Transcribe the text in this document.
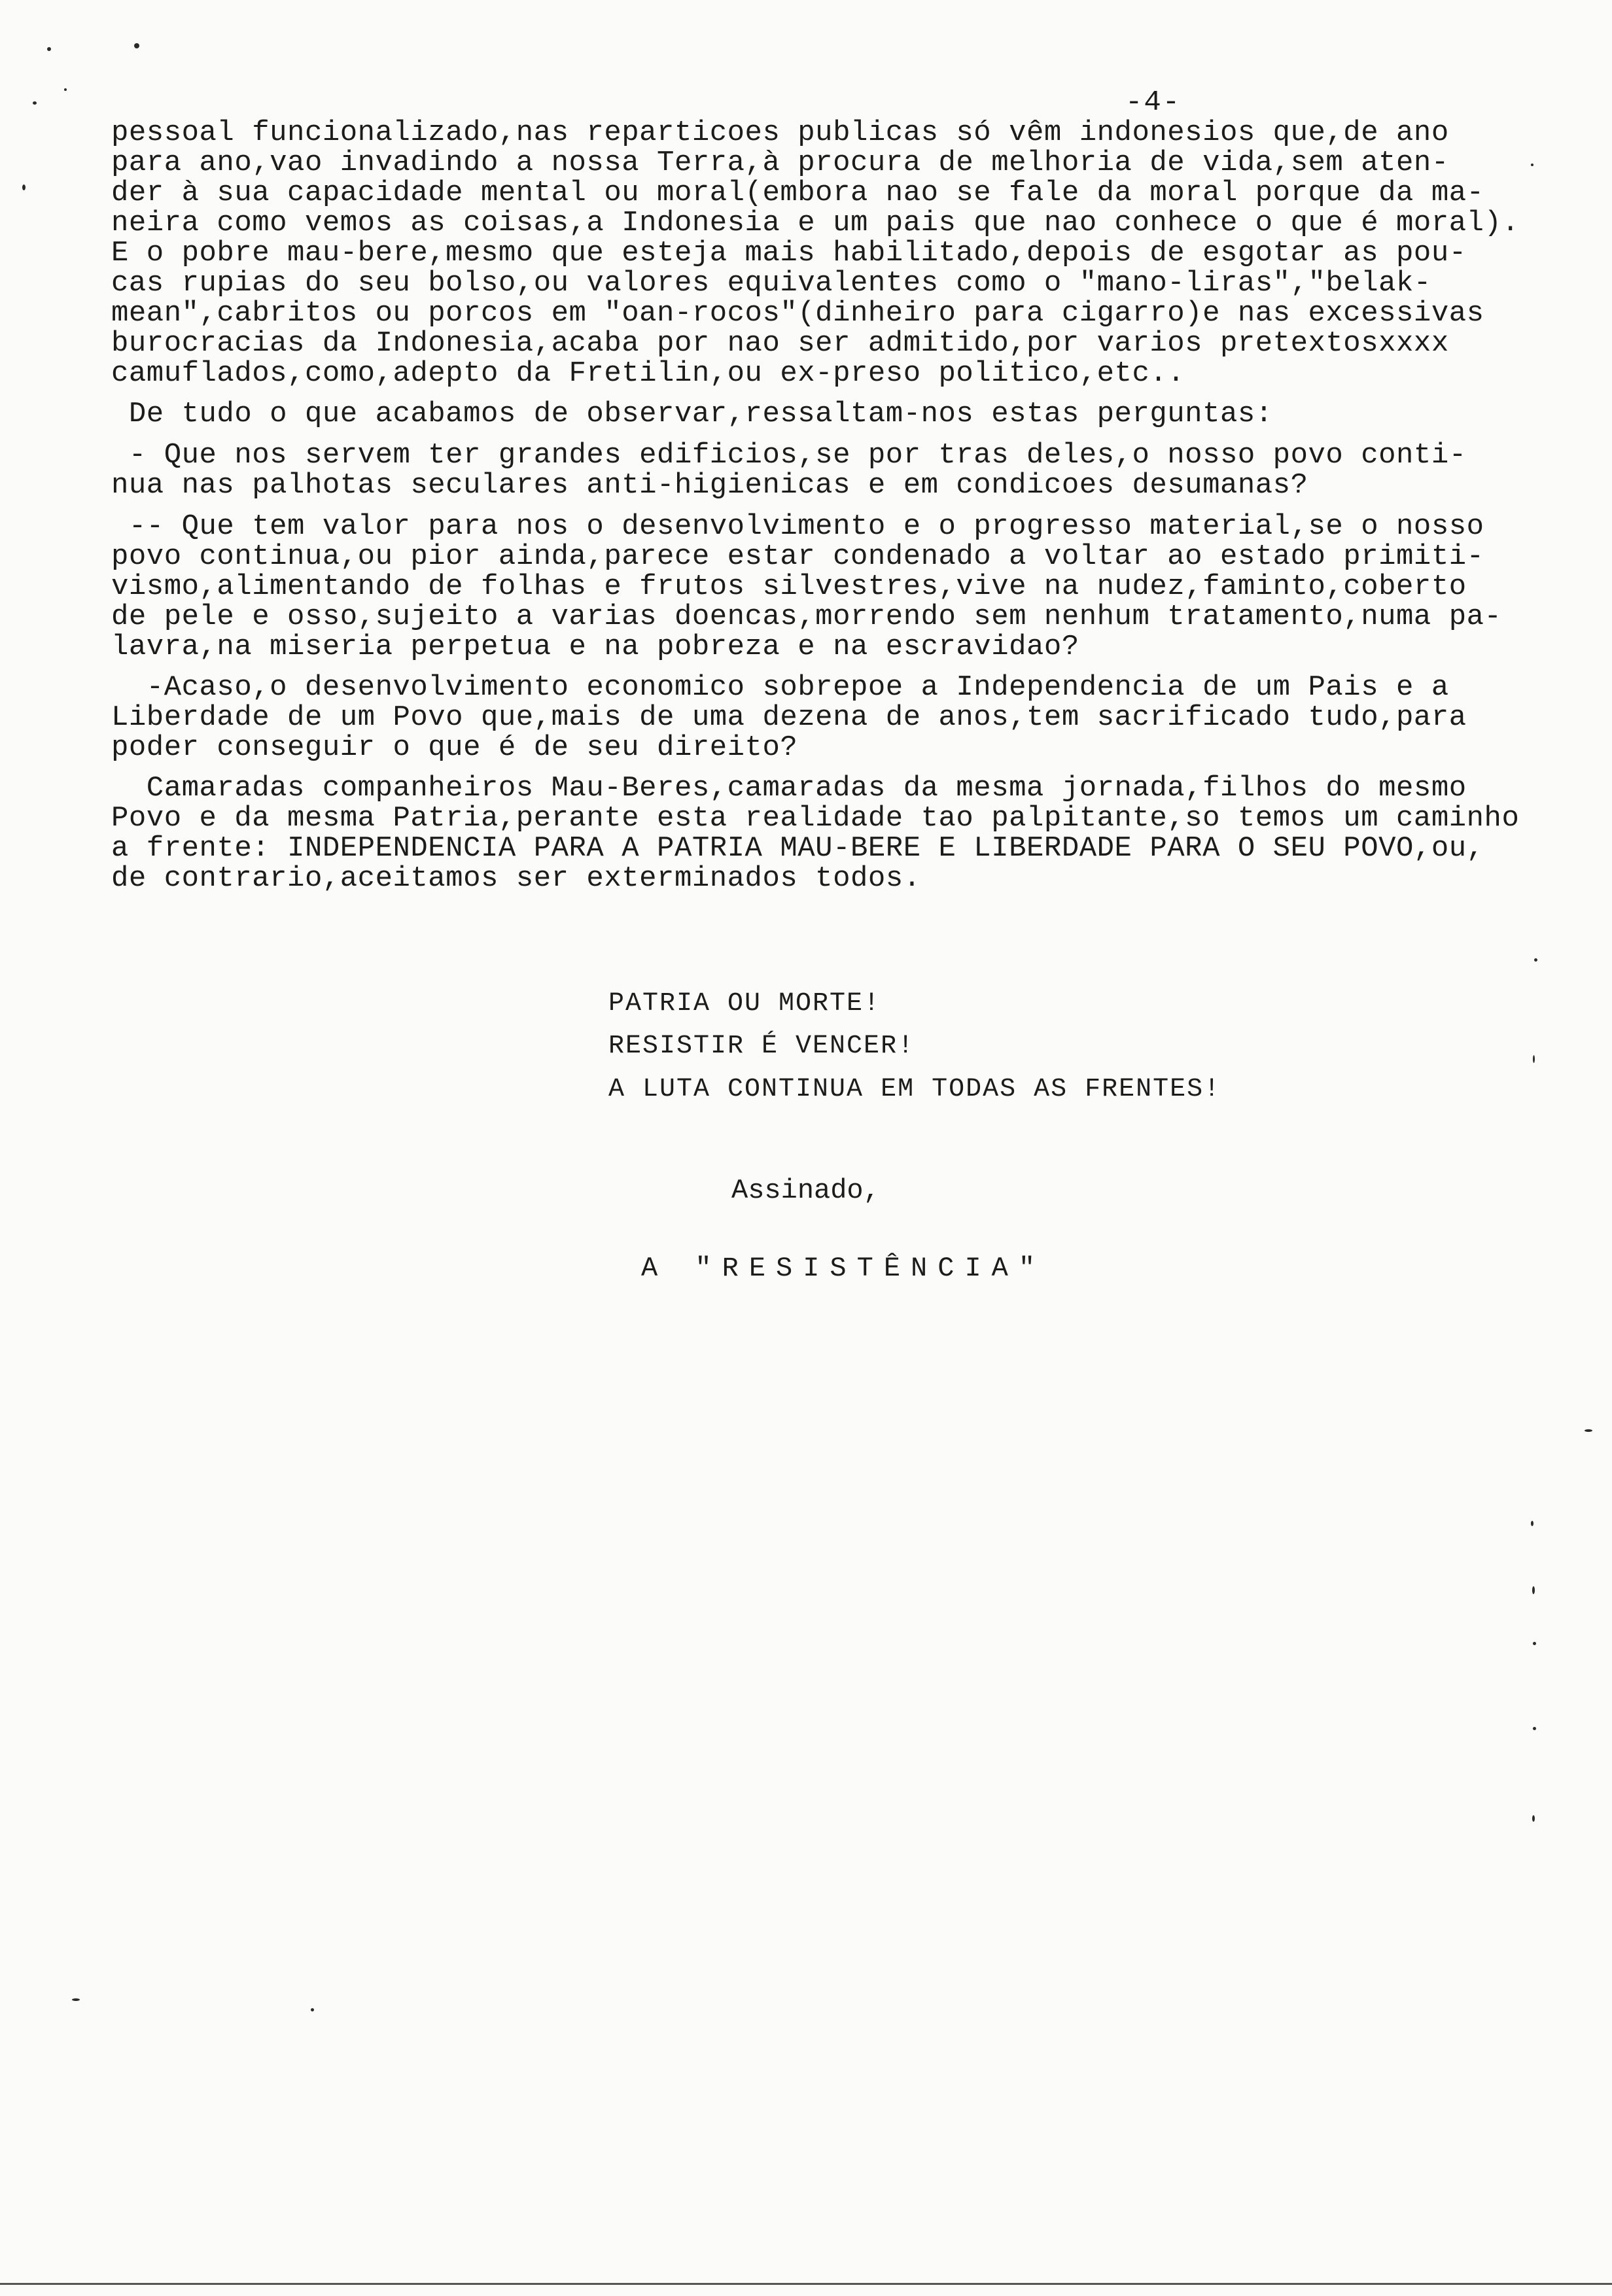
-4-
pessoal funcionalizado,nas reparticoes publicas só vêm indonesios que,de ano
para ano,vao invadindo a nossa Terra,à procura de melhoria de vida,sem aten-
der à sua capacidade mental ou moral(embora nao se fale da moral porque da ma-
neira como vemos as coisas,a Indonesia e um pais que nao conhece o que é moral).
E o pobre mau-bere,mesmo que esteja mais habilitado,depois de esgotar as pou-
cas rupias do seu bolso,ou valores equivalentes como o "mano-liras","belak-
mean",cabritos ou porcos em "oan-rocos"(dinheiro para cigarro)e nas excessivas
burocracias da Indonesia,acaba por nao ser admitido,por varios pretextosxxxx
camuflados,como,adepto da Fretilin,ou ex-preso politico,etc..
De tudo o que acabamos de observar,ressaltam-nos estas perguntas:
- Que nos servem ter grandes edificios,se por tras deles,o nosso povo conti-
nua nas palhotas seculares anti-higienicas e em condicoes desumanas?
-- Que tem valor para nos o desenvolvimento e o progresso material,se o nosso
povo continua,ou pior ainda,parece estar condenado a voltar ao estado primiti-
vismo,alimentando de folhas e frutos silvestres,vive na nudez,faminto,coberto
de pele e osso,sujeito a varias doencas,morrendo sem nenhum tratamento,numa pa-
lavra,na miseria perpetua e na pobreza e na escravidao?
-Acaso,o desenvolvimento economico sobrepoe a Independencia de um Pais e a
Liberdade de um Povo que,mais de uma dezena de anos,tem sacrificado tudo,para
poder conseguir o que é de seu direito?
Camaradas companheiros Mau-Beres,camaradas da mesma jornada,filhos do mesmo
Povo e da mesma Patria,perante esta realidade tao palpitante,so temos um caminho
a frente: INDEPENDENCIA PARA A PATRIA MAU-BERE E LIBERDADE PARA O SEU POVO,ou,
de contrario,aceitamos ser exterminados todos.
PATRIA OU MORTE!
RESISTIR É VENCER!
A LUTA CONTINUA EM TODAS AS FRENTES!
Assinado,
A "RESISTÊNCIA"
